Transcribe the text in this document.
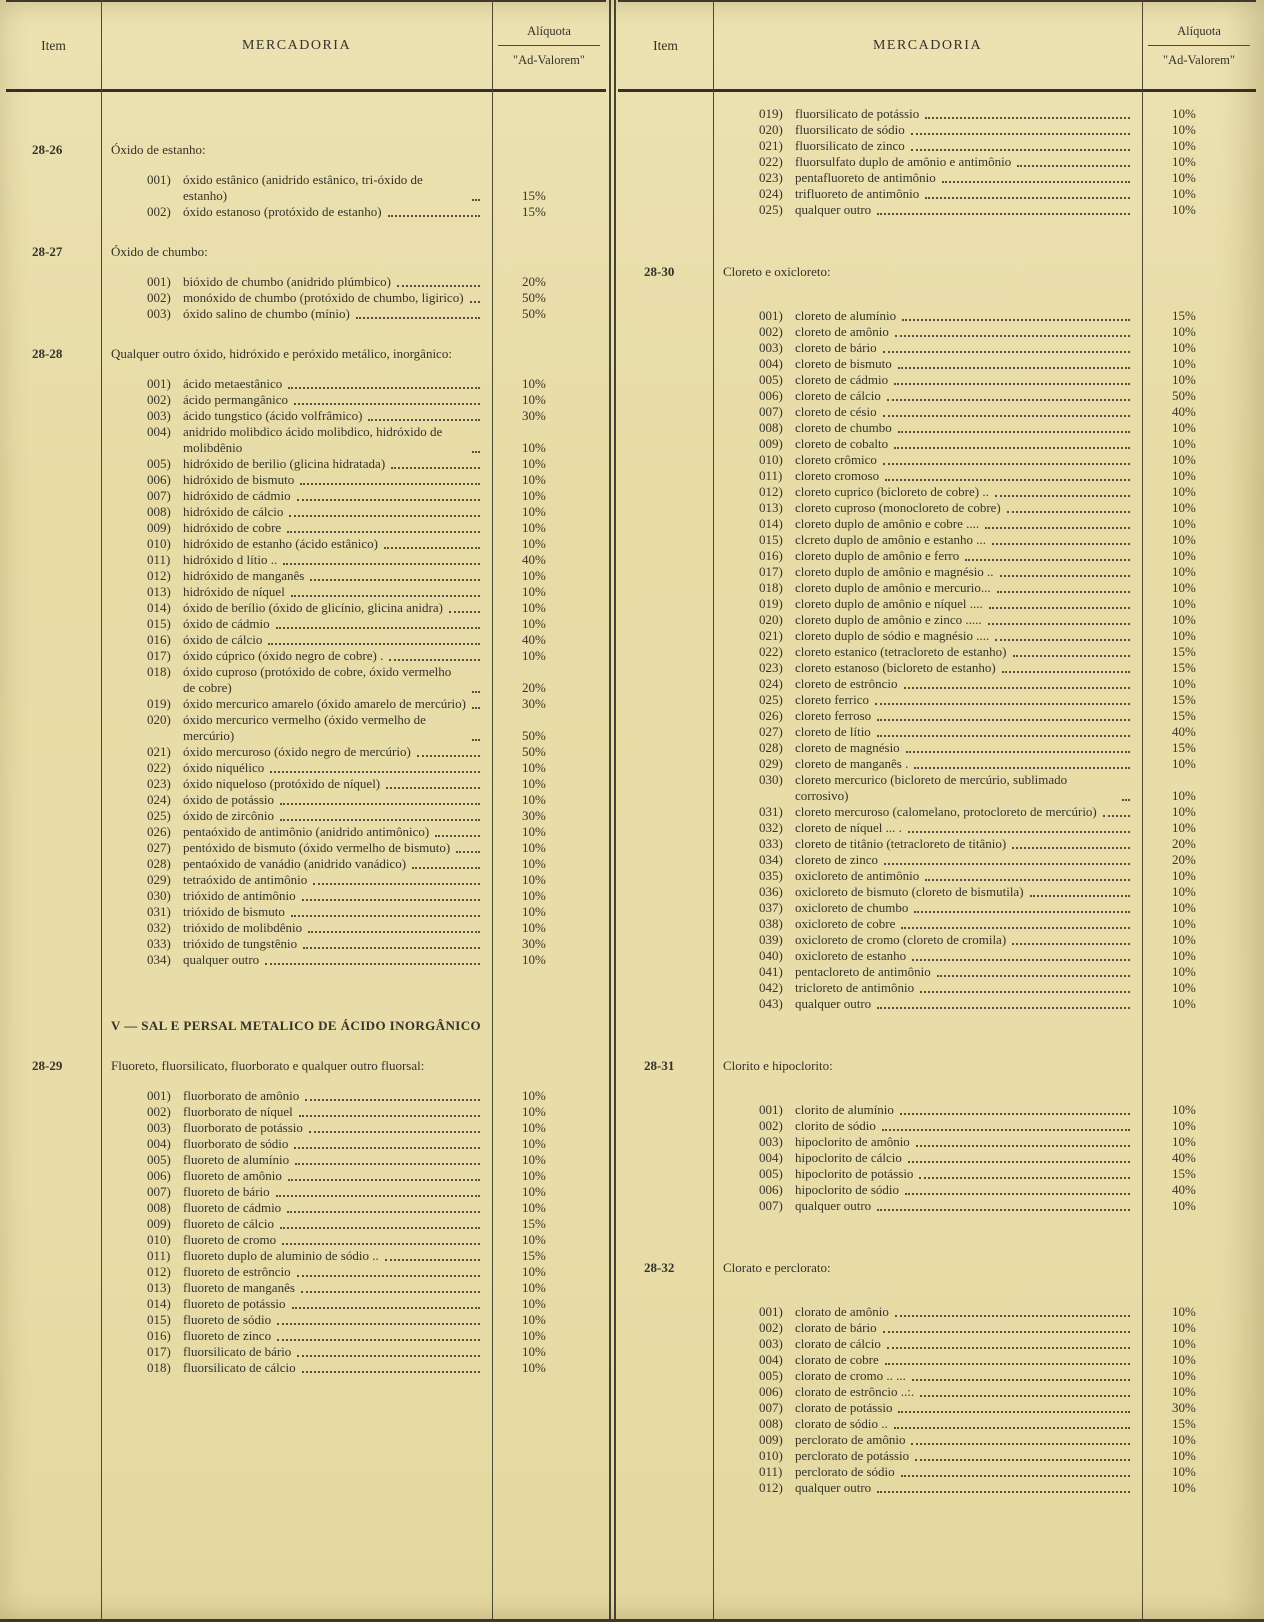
Item	MERCADORIA
Alíquota
"Ad-Valorem"
28-26	Óxido de estanho:
001) óxido estânico (anidrido estânico, tri-óxido de estanho)	15%
002) óxido estanoso (protóxido de estanho)	15%
28-27	Óxido de chumbo:
001) bióxido de chumbo (anidrido plúmbico)	20%
002) monóxido de chumbo (protóxido de chumbo, ligirico)	50%
003) óxido salino de chumbo (mínio)	50%
28-28	Qualquer outro óxido, hidróxido e peróxido metálico, inorgânico:
001) ácido metaestânico	10%
002) ácido permangânico	10%
003) ácido tungstico (ácido volfrâmico)	30%
004) anidrido molibdico ácido molibdico, hidróxido de molibdênio	10%
005) hidróxido de berilio (glicina hidratada)	10%
006) hidróxido de bismuto	10%
007) hidróxido de cádmio	10%
008) hidróxido de cálcio	10%
009) hidróxido de cobre	10%
010) hidróxido de estanho (ácido estânico)	10%
011) hidróxido d lítio ..	40%
012) hidróxido de manganês	10%
013) hidróxido de níquel	10%
014) óxido de berílio (óxido de glicínio, glicina anidra)	10%
015) óxido de cádmio	10%
016) óxido de cálcio	40%
017) óxido cúprico (óxido negro de cobre) .	10%
018) óxido cuproso (protóxido de cobre, óxido vermelho de cobre)	20%
019) óxido mercurico amarelo (óxido amarelo de mercúrio)	30%
020) óxido mercurico vermelho (óxido vermelho de mercúrio)	50%
021) óxido mercuroso (óxido negro de mercúrio)	50%
022) óxido niquélico	10%
023) óxido niqueloso (protóxido de níquel)	10%
024) óxido de potássio	10%
025) óxido de zircônio	30%
026) pentaóxido de antimônio (anidrido antimônico)	10%
027) pentóxido de bismuto (óxido vermelho de bismuto)	10%
028) pentaóxido de vanádio (anidrido vanádico)	10%
029) tetraóxido de antimônio	10%
030) trióxido de antimônio	10%
031) trióxido de bismuto	10%
032) trióxido de molibdênio	10%
033) trióxido de tungstênio	30%
034) qualquer outro	10%
V — SAL E PERSAL METALICO DE ÁCIDO INORGÂNICO
28-29	Fluoreto, fluorsilicato, fluorborato e qualquer outro fluorsal:
001) fluorborato de amônio	10%
002) fluorborato de níquel	10%
003) fluorborato de potássio	10%
004) fluorborato de sódio	10%
005) fluoreto de alumínio	10%
006) fluoreto de amônio	10%
007) fluoreto de bário	10%
008) fluoreto de cádmio	10%
009) fluoreto de cálcio	15%
010) fluoreto de cromo	10%
011) fluoreto duplo de aluminio de sódio ..	15%
012) fluoreto de estrôncio	10%
013) fluoreto de manganês	10%
014) fluoreto de potássio	10%
015) fluoreto de sódio	10%
016) fluoreto de zinco	10%
017) fluorsilicato de bário	10%
018) fluorsilicato de cálcio	10%
Item	MERCADORIA
Alíquota
"Ad-Valorem"
019) fluorsilicato de potássio	10%
020) fluorsilicato de sódio	10%
021) fluorsilicato de zinco	10%
022) fluorsulfato duplo de amônio e antimônio	10%
023) pentafluoreto de antimônio	10%
024) trifluoreto de antimônio	10%
025) qualquer outro	10%
28-30	Cloreto e oxicloreto:
001) cloreto de alumínio	15%
002) cloreto de amônio	10%
003) cloreto de bário	10%
004) cloreto de bismuto	10%
005) cloreto de cádmio	10%
006) cloreto de cálcio	50%
007) cloreto de césio	40%
008) cloreto de chumbo	10%
009) cloreto de cobalto	10%
010) cloreto crômico	10%
011) cloreto cromoso	10%
012) cloreto cuprico (bicloreto de cobre) ..	10%
013) cloreto cuproso (monocloreto de cobre)	10%
014) cloreto duplo de amônio e cobre ....	10%
015) clcreto duplo de amônio e estanho ...	10%
016) cloreto duplo de amônio e ferro	10%
017) cloreto duplo de amônio e magnésio ..	10%
018) cloreto duplo de amônio e mercurio...	10%
019) cloreto duplo de amônio e níquel ....	10%
020) cloreto duplo de amônio e zinco .....	10%
021) cloreto duplo de sódio e magnésio ....	10%
022) cloreto estanico (tetracloreto de estanho)	15%
023) cloreto estanoso (bicloreto de estanho)	15%
024) cloreto de estrôncio	10%
025) cloreto ferrico	15%
026) cloreto ferroso	15%
027) cloreto de lítio	40%
028) cloreto de magnésio	15%
029) cloreto de manganês .	10%
030) cloreto mercurico (bicloreto de mercúrio, sublimado corrosivo)	10%
031) cloreto mercuroso (calomelano, protocloreto de mercúrio)	10%
032) cloreto de níquel ... .	10%
033) cloreto de titânio (tetracloreto de titânio)	20%
034) cloreto de zinco	20%
035) oxicloreto de antimônio	10%
036) oxicloreto de bismuto (cloreto de bismutila)	10%
037) oxicloreto de chumbo	10%
038) oxicloreto de cobre	10%
039) oxicloreto de cromo (cloreto de cromila)	10%
040) oxicloreto de estanho	10%
041) pentacloreto de antimônio	10%
042) tricloreto de antimônio	10%
043) qualquer outro	10%
28-31	Clorito e hipoclorito:
001) clorito de alumínio	10%
002) clorito de sódio	10%
003) hipoclorito de amônio	10%
004) hipoclorito de cálcio	40%
005) hipoclorito de potássio	15%
006) hipoclorito de sódio	40%
007) qualquer outro	10%
28-32	Clorato e perclorato:
001) clorato de amônio	10%
002) clorato de bário	10%
003) clorato de cálcio	10%
004) clorato de cobre	10%
005) clorato de cromo .. ...	10%
006) clorato de estrôncio ..:.	10%
007) clorato de potássio	30%
008) clorato de sódio ..	15%
009) perclorato de amônio	10%
010) perclorato de potássio	10%
011) perclorato de sódio	10%
012) qualquer outro	10%
